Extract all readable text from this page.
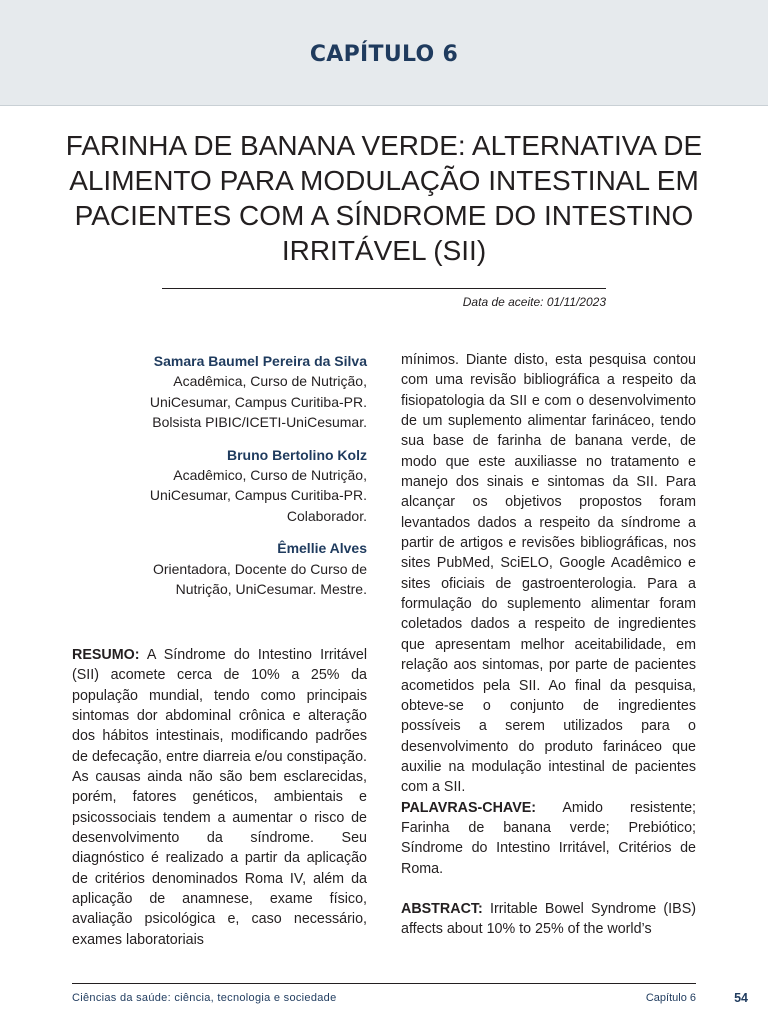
CAPÍTULO 6
FARINHA DE BANANA VERDE: ALTERNATIVA DE
ALIMENTO PARA MODULAÇÃO INTESTINAL EM
PACIENTES COM A SÍNDROME DO INTESTINO
IRRITÁVEL (SII)
Data de aceite: 01/11/2023

Samara Baumel Pereira da Silva

Acadêmica, Curso de Nutrição,
UniCesumar, Campus Curitiba-PR.
Bolsista PIBIC/ICETI-UniCesumar.

Bruno Bertolino Kolz

Acadêmico, Curso de Nutrição,
UniCesumar, Campus Curitiba-PR.
Colaborador.

Êmellie Alves

Orientadora, Docente do Curso de
Nutrição, UniCesumar. Mestre.

RESUMO: A Síndrome do Intestino Irritável (SII) acomete cerca de 10% a 25% da população mundial, tendo como principais sintomas dor abdominal crônica e alteração dos hábitos intestinais, modificando padrões de defecação, entre diarreia e/ou constipação. As causas ainda não são bem esclarecidas, porém, fatores genéticos, ambientais e psicossociais tendem a aumentar o risco de desenvolvimento da síndrome. Seu diagnóstico é realizado a partir da aplicação de critérios denominados Roma IV, além da aplicação de anamnese, exame físico, avaliação psicológica e, caso necessário, exames laboratoriais

mínimos. Diante disto, esta pesquisa contou com uma revisão bibliográfica a respeito da fisiopatologia da SII e com o desenvolvimento de um suplemento alimentar farináceo, tendo sua base de farinha de banana verde, de modo que este auxiliasse no tratamento e manejo dos sinais e sintomas da SII. Para alcançar os objetivos propostos foram levantados dados a respeito da síndrome a partir de artigos e revisões bibliográficas, nos sites PubMed, SciELO, Google Acadêmico e sites oficiais de gastroenterologia. Para a formulação do suplemento alimentar foram coletados dados a respeito de ingredientes que apresentam melhor aceitabilidade, em relação aos sintomas, por parte de pacientes acometidos pela SII. Ao final da pesquisa, obteve-se o conjunto de ingredientes possíveis a serem utilizados para o desenvolvimento do produto farináceo que auxilie na modulação intestinal de pacientes com a SII.

PALAVRAS-CHAVE: Amido resistente; Farinha de banana verde; Prebiótico; Síndrome do Intestino Irritável, Critérios de Roma.

ABSTRACT: Irritable Bowel Syndrome (IBS) affects about 10% to 25% of the world’s

Ciências da saúde: ciência, tecnologia e sociedade	Capítulo 6	54
